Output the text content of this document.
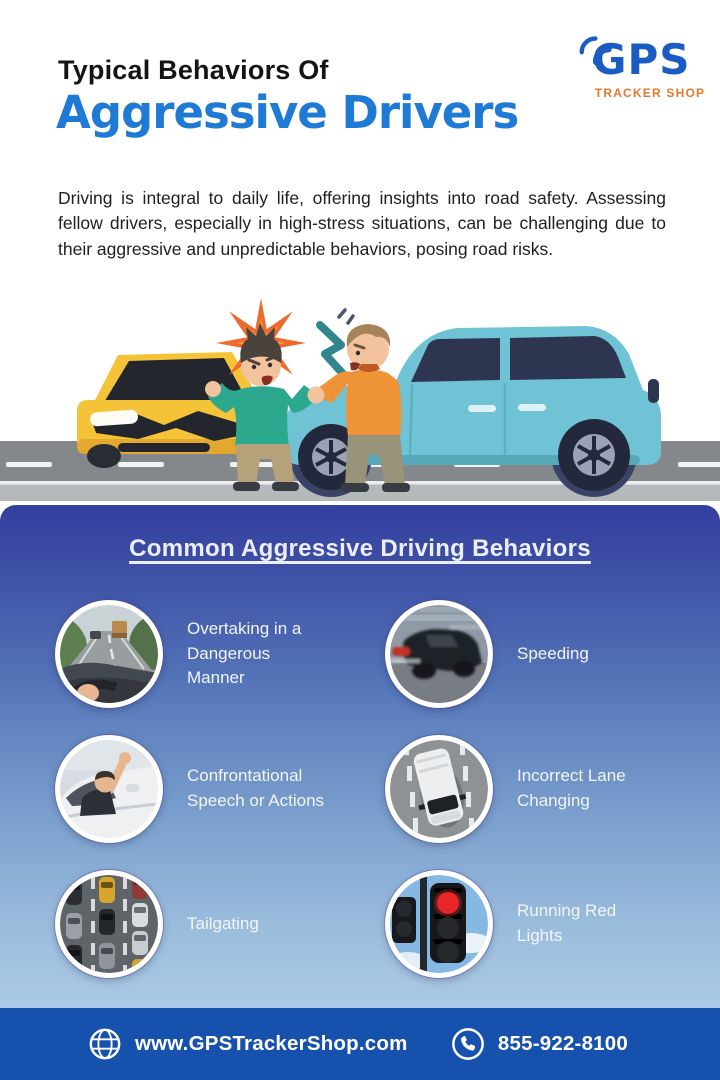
Typical Behaviors Of
Aggressive Drivers
GPS
TRACKER SHOP

Driving is integral to daily life, offering insights into road safety. Assessing fellow drivers, especially in high-stress situations, can be challenging due to their aggressive and unpredictable behaviors, posing road risks.

Common Aggressive Driving Behaviors
Overtaking in a Dangerous Manner
Speeding
Confrontational Speech or Actions
Incorrect Lane Changing
Tailgating
Running Red Lights
www.GPSTrackerShop.com	855-922-8100
